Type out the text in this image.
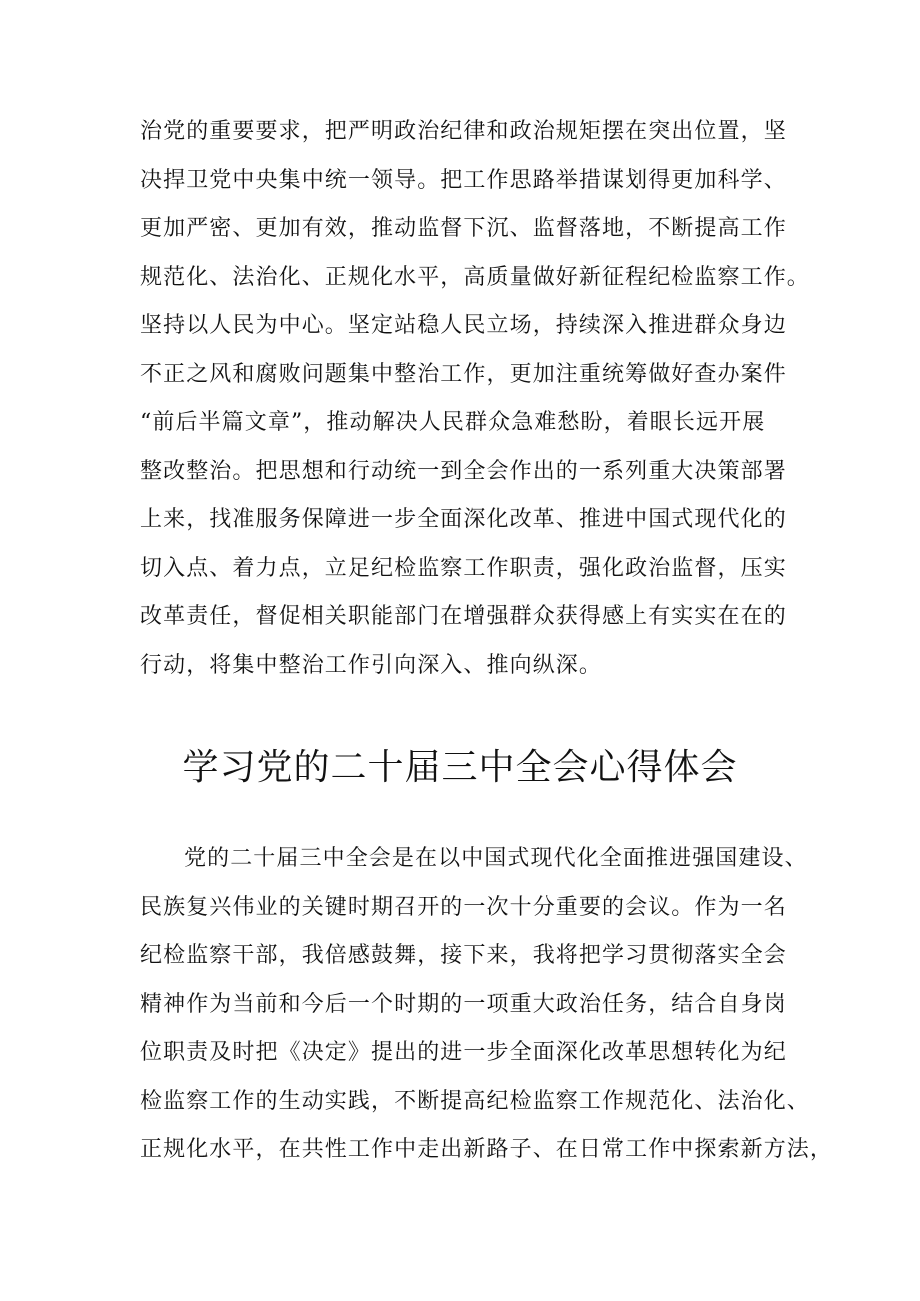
治党的重要要求，把严明政治纪律和政治规矩摆在突出位置，坚
决捍卫党中央集中统一领导。把工作思路举措谋划得更加科学、
更加严密、更加有效，推动监督下沉、监督落地，不断提高工作
规范化、法治化、正规化水平，高质量做好新征程纪检监察工作。
坚持以人民为中心。坚定站稳人民立场，持续深入推进群众身边
不正之风和腐败问题集中整治工作，更加注重统筹做好查办案件
“前后半篇文章”，推动解决人民群众急难愁盼，着眼长远开展
整改整治。把思想和行动统一到全会作出的一系列重大决策部署
上来，找准服务保障进一步全面深化改革、推进中国式现代化的
切入点、着力点，立足纪检监察工作职责，强化政治监督，压实
改革责任，督促相关职能部门在增强群众获得感上有实实在在的
行动，将集中整治工作引向深入、推向纵深。
学习党的二十届三中全会心得体会
党的二十届三中全会是在以中国式现代化全面推进强国建设、
民族复兴伟业的关键时期召开的一次十分重要的会议。作为一名
纪检监察干部，我倍感鼓舞，接下来，我将把学习贯彻落实全会
精神作为当前和今后一个时期的一项重大政治任务，结合自身岗
位职责及时把《决定》提出的进一步全面深化改革思想转化为纪
检监察工作的生动实践，不断提高纪检监察工作规范化、法治化、
正规化水平，在共性工作中走出新路子、在日常工作中探索新方法，
